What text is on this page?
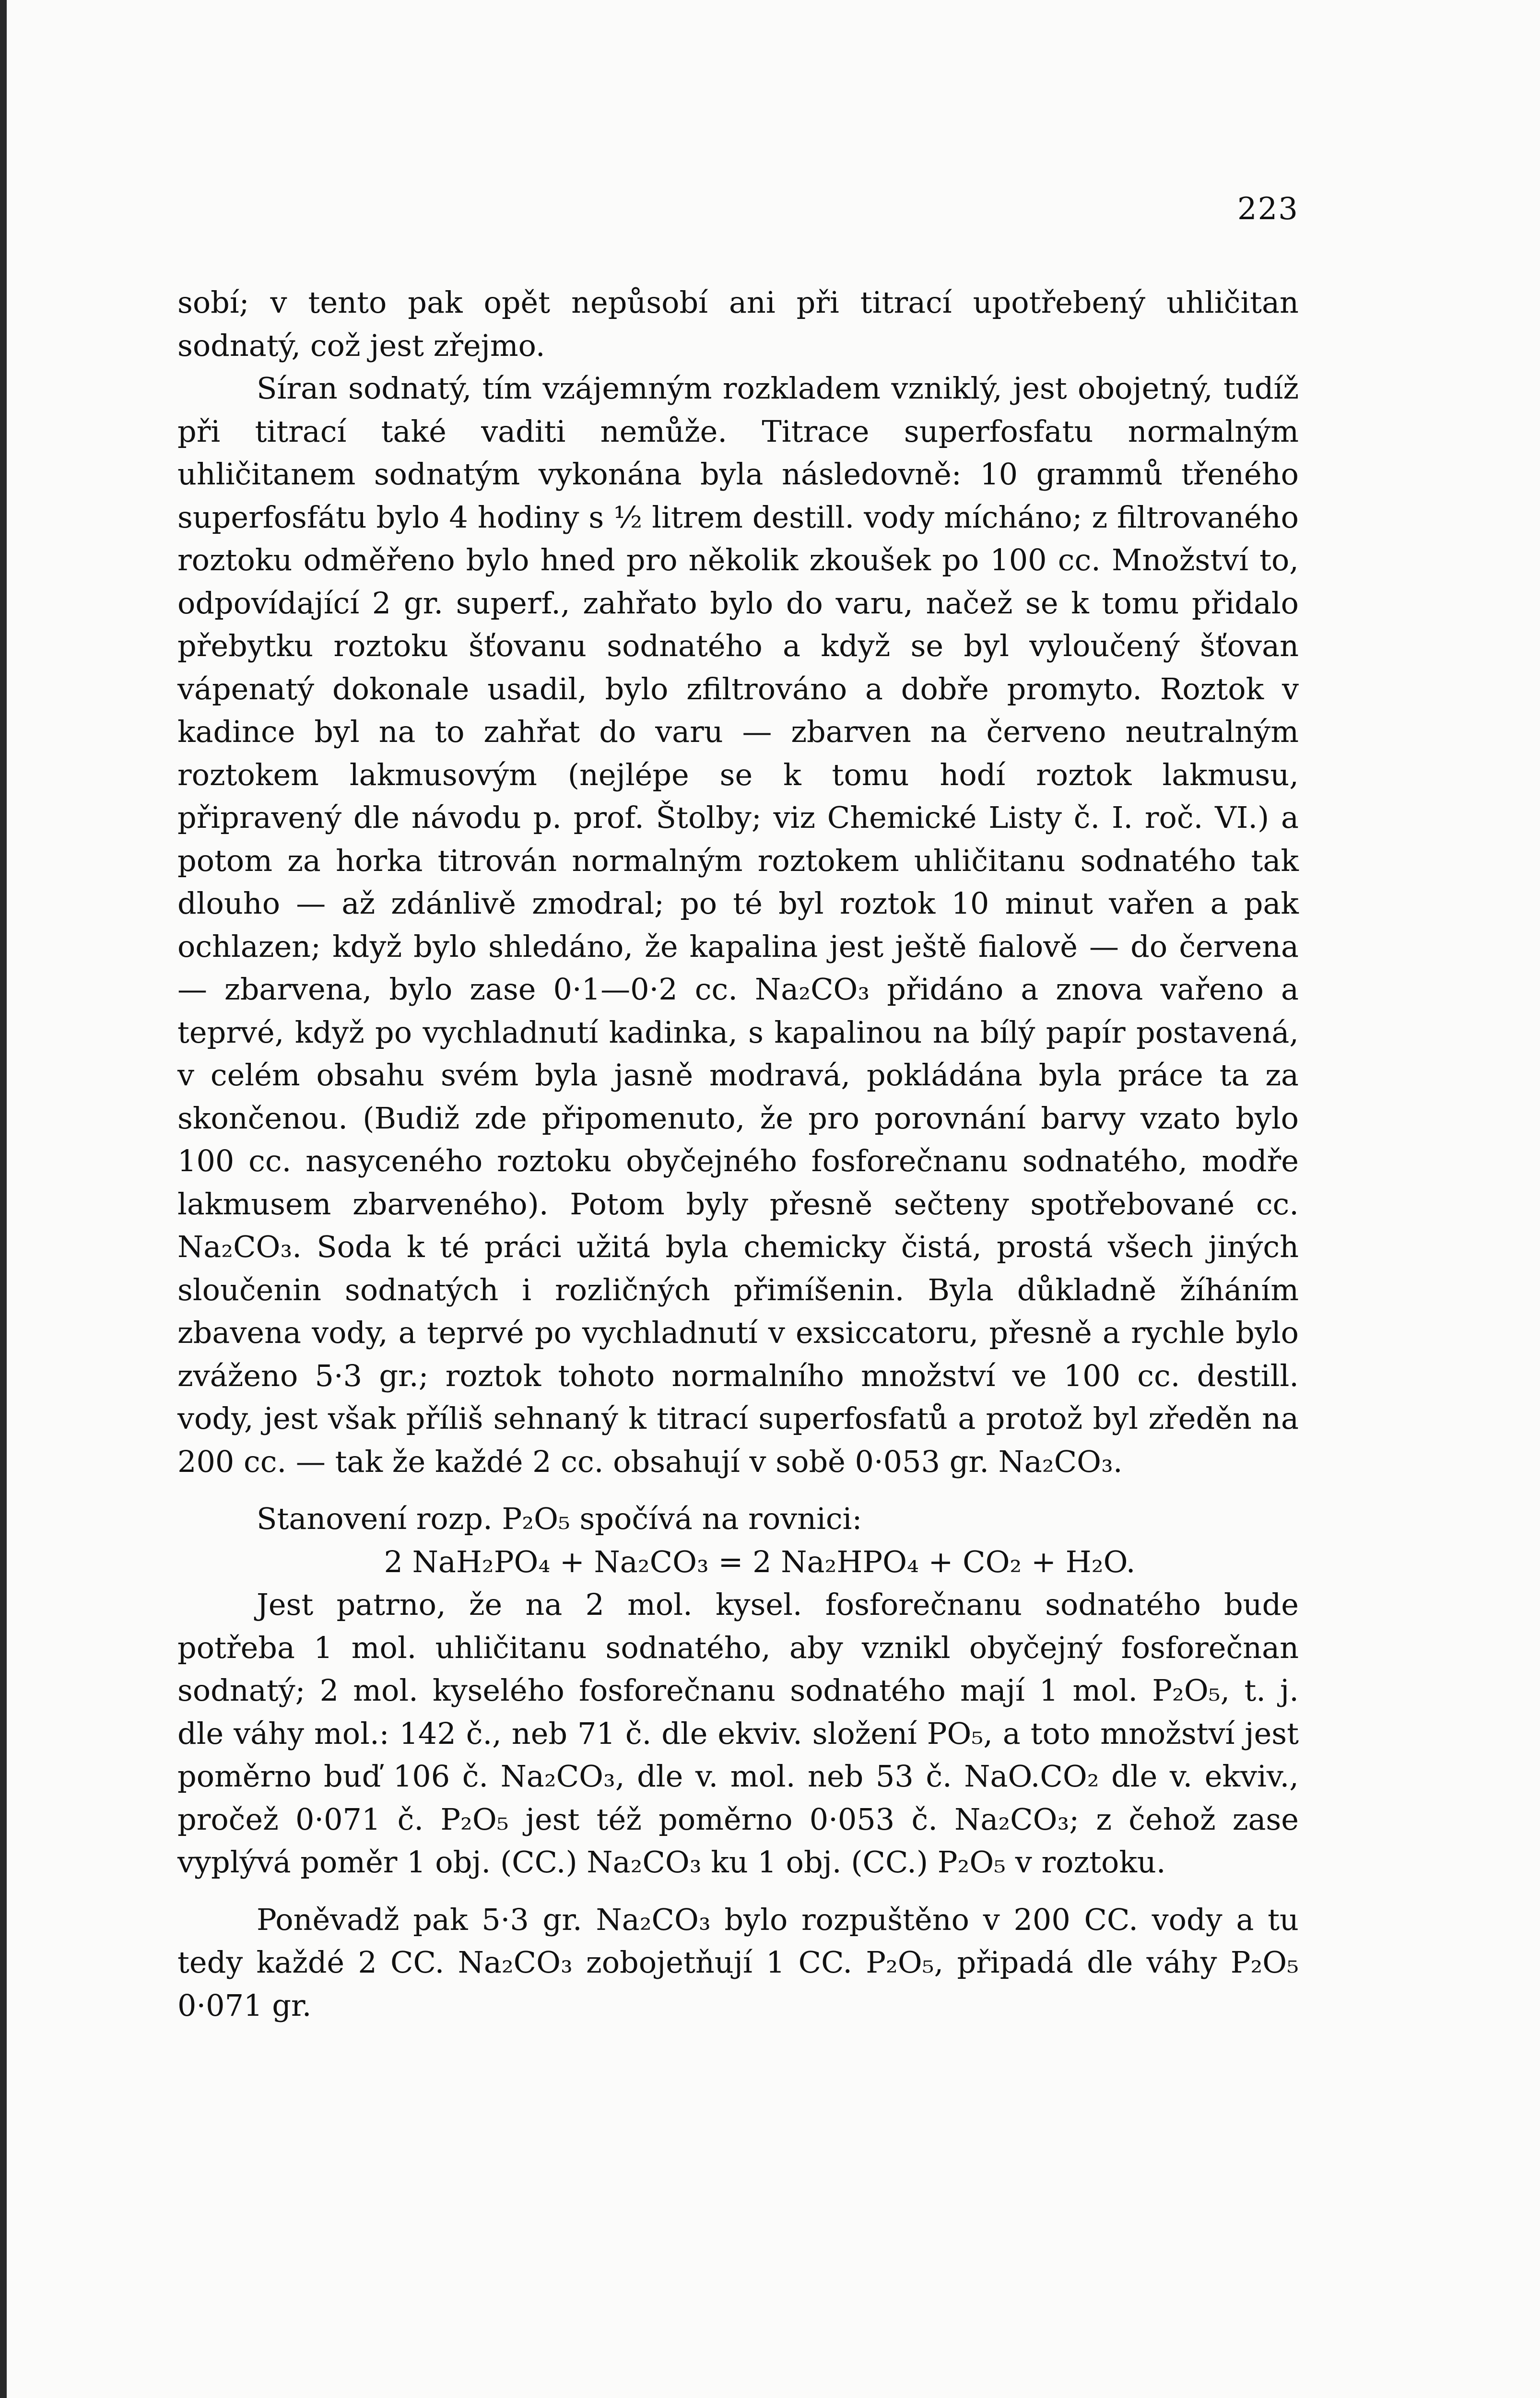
223

sobí; v tento pak opět nepůsobí ani při titrací upotřebený uhličitan sodnatý, což jest zřejmo.

Síran sodnatý, tím vzájemným rozkladem vzniklý, jest obojetný, tudíž při titrací také vaditi nemůže. Titrace superfosfatu normalným uhličitanem sodnatým vykonána byla následovně: 10 grammů třeného superfosfátu bylo 4 hodiny s ½ litrem destill. vody mícháno; z filtrovaného roztoku odměřeno bylo hned pro několik zkoušek po 100 cc. Množství to, odpovídající 2 gr. superf., zahřato bylo do varu, načež se k tomu přidalo přebytku roztoku šťovanu sodnatého a když se byl vyloučený šťovan vápenatý dokonale usadil, bylo zfiltrováno a dobře promyto. Roztok v kadince byl na to zahřat do varu — zbarven na červeno neutralným roztokem lakmusovým (nejlépe se k tomu hodí roztok lakmusu, připravený dle návodu p. prof. Štolby; viz Chemické Listy č. I. roč. VI.) a potom za horka titrován normalným roztokem uhličitanu sodnatého tak dlouho — až zdánlivě zmodral; po té byl roztok 10 minut vařen a pak ochlazen; když bylo shledáno, že kapalina jest ještě fialově — do červena — zbarvena, bylo zase 0·1—0·2 cc. Na₂CO₃ přidáno a znova vařeno a teprvé, když po vychladnutí kadinka, s kapalinou na bílý papír postavená, v celém obsahu svém byla jasně modravá, pokládána byla práce ta za skončenou. (Budiž zde připomenuto, že pro porovnání barvy vzato bylo 100 cc. nasyceného roztoku obyčejného fosforečnanu sodnatého, modře lakmusem zbarveného). Potom byly přesně sečteny spotřebované cc. Na₂CO₃. Soda k té práci užitá byla chemicky čistá, prostá všech jiných sloučenin sodnatých i rozličných přimíšenin. Byla důkladně žíháním zbavena vody, a teprvé po vychladnutí v exsiccatoru, přesně a rychle bylo zváženo 5·3 gr.; roztok tohoto normalního množství ve 100 cc. destill. vody, jest však příliš sehnaný k titrací superfosfatů a protož byl zředěn na 200 cc. — tak že každé 2 cc. obsahují v sobě 0·053 gr. Na₂CO₃.

Stanovení rozp. P₂O₅ spočívá na rovnici:

2 NaH₂PO₄ + Na₂CO₃ = 2 Na₂HPO₄ + CO₂ + H₂O.

Jest patrno, že na 2 mol. kysel. fosforečnanu sodnatého bude potřeba 1 mol. uhličitanu sodnatého, aby vznikl obyčejný fosforečnan sodnatý; 2 mol. kyselého fosforečnanu sodnatého mají 1 mol. P₂O₅, t. j. dle váhy mol.: 142 č., neb 71 č. dle ekviv. složení PO₅, a toto množství jest poměrno buď 106 č. Na₂CO₃, dle v. mol. neb 53 č. NaO.CO₂ dle v. ekviv., pročež 0·071 č. P₂O₅ jest též poměrno 0·053 č. Na₂CO₃; z čehož zase vyplývá poměr 1 obj. (CC.) Na₂CO₃ ku 1 obj. (CC.) P₂O₅ v roztoku.

Poněvadž pak 5·3 gr. Na₂CO₃ bylo rozpuštěno v 200 CC. vody a tu tedy každé 2 CC. Na₂CO₃ zobojetňují 1 CC. P₂O₅, připadá dle váhy P₂O₅ 0·071 gr.
